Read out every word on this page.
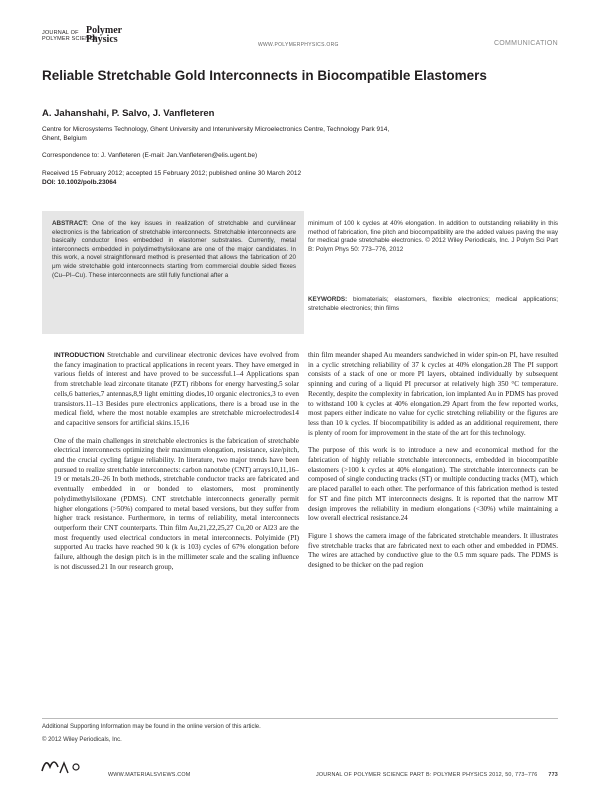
JOURNAL OF
POLYMER SCIENCE
Polymer
Physics	WWW.POLYMERPHYSICS.ORG	COMMUNICATION
Reliable Stretchable Gold Interconnects in Biocompatible Elastomers
A. Jahanshahi, P. Salvo, J. Vanfleteren
Centre for Microsystems Technology, Ghent University and Interuniversity Microelectronics Centre, Technology Park 914,
Ghent, Belgium
Correspondence to: J. Vanfleteren (E-mail: Jan.Vanfleteren@elis.ugent.be)
Received 15 February 2012; accepted 15 February 2012; published online 30 March 2012
DOI: 10.1002/polb.23064
ABSTRACT: One of the key issues in realization of stretchable and curvilinear electronics is the fabrication of stretchable interconnects. Stretchable interconnects are basically conductor lines embedded in elastomer substrates. Currently, metal interconnects embedded in polydimethylsiloxane are one of the major candidates. In this work, a novel straightforward method is presented that allows the fabrication of 20 μm wide stretchable gold interconnects starting from commercial double sided flexes (Cu–PI–Cu). These interconnects are still fully functional after a
minimum of 100 k cycles at 40% elongation. In addition to outstanding reliability in this method of fabrication, fine pitch and biocompatibility are the added values paving the way for medical grade stretchable electronics. © 2012 Wiley Periodicals, Inc. J Polym Sci Part B: Polym Phys 50: 773–776, 2012
KEYWORDS: biomaterials; elastomers, flexible electronics; medical applications; stretchable electronics; thin films

INTRODUCTION Stretchable and curvilinear electronic devices have evolved from the fancy imagination to practical applications in recent years. They have emerged in various fields of interest and have proved to be successful.1–4 Applications span from stretchable lead zirconate titanate (PZT) ribbons for energy harvesting,5 solar cells,6 batteries,7 antennas,8,9 light emitting diodes,10 organic electronics,3 to even transistors.11–13 Besides pure electronics applications, there is a broad use in the medical field, where the most notable examples are stretchable microelectrodes14 and capacitive sensors for artificial skins.15,16

One of the main challenges in stretchable electronics is the fabrication of stretchable electrical interconnects optimizing their maximum elongation, resistance, size/pitch, and the crucial cycling fatigue reliability. In literature, two major trends have been pursued to realize stretchable interconnects: carbon nanotube (CNT) arrays10,11,16–19 or metals.20–26 In both methods, stretchable conductor tracks are fabricated and eventually embedded in or bonded to elastomers, most prominently polydimethylsiloxane (PDMS). CNT stretchable interconnects generally permit higher elongations (>50%) compared to metal based versions, but they suffer from higher track resistance. Furthermore, in terms of reliability, metal interconnects outperform their CNT counterparts. Thin film Au,21,22,25,27 Cu,20 or Al23 are the most frequently used electrical conductors in metal interconnects. Polyimide (PI) supported Au tracks have reached 90 k (k is 103) cycles of 67% elongation before failure, although the design pitch is in the millimeter scale and the scaling influence is not discussed.21 In our research group,

thin film meander shaped Au meanders sandwiched in wider spin-on PI, have resulted in a cyclic stretching reliability of 37 k cycles at 40% elongation.28 The PI support consists of a stack of one or more PI layers, obtained individually by subsequent spinning and curing of a liquid PI precursor at relatively high 350 °C temperature. Recently, despite the complexity in fabrication, ion implanted Au in PDMS has proved to withstand 100 k cycles at 40% elongation.29 Apart from the few reported works, most papers either indicate no value for cyclic stretching reliability or the figures are less than 10 k cycles. If biocompatibility is added as an additional requirement, there is plenty of room for improvement in the state of the art for this technology.

The purpose of this work is to introduce a new and economical method for the fabrication of highly reliable stretchable interconnects, embedded in biocompatible elastomers (>100 k cycles at 40% elongation). The stretchable interconnects can be composed of single conducting tracks (ST) or multiple conducting tracks (MT), which are placed parallel to each other. The performance of this fabrication method is tested for ST and fine pitch MT interconnects designs. It is reported that the narrow MT design improves the reliability in medium elongations (<30%) while maintaining a low overall electrical resistance.24

Figure 1 shows the camera image of the fabricated stretchable meanders. It illustrates five stretchable tracks that are fabricated next to each other and embedded in PDMS. The wires are attached by conductive glue to the 0.5 mm square pads. The PDMS is designed to be thicker on the pad region

Additional Supporting Information may be found in the online version of this article.
© 2012 Wiley Periodicals, Inc.
WWW.MATERIALSVIEWS.COM	JOURNAL OF POLYMER SCIENCE PART B: POLYMER PHYSICS 2012, 50, 773–776 773
